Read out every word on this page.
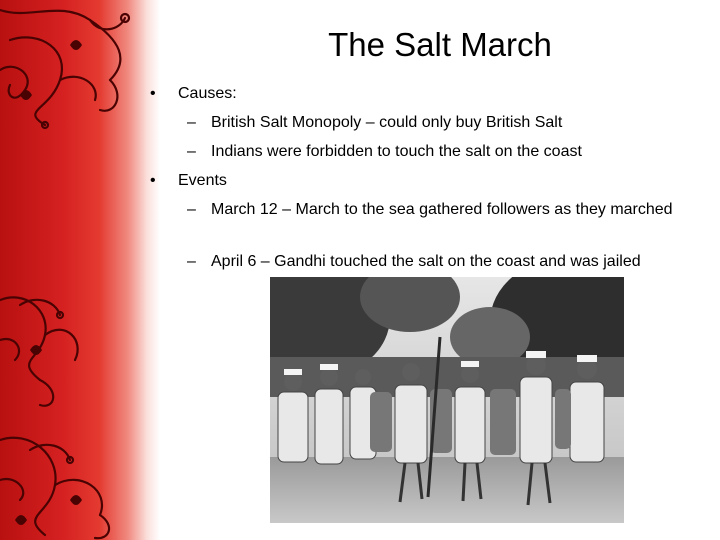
The Salt March
• Causes:
– British Salt Monopoly – could only buy British Salt
– Indians were forbidden to touch the salt on the coast
• Events
– March 12 – March to the sea gathered followers as they marched
– April 6 – Gandhi touched the salt on the coast and was jailed
